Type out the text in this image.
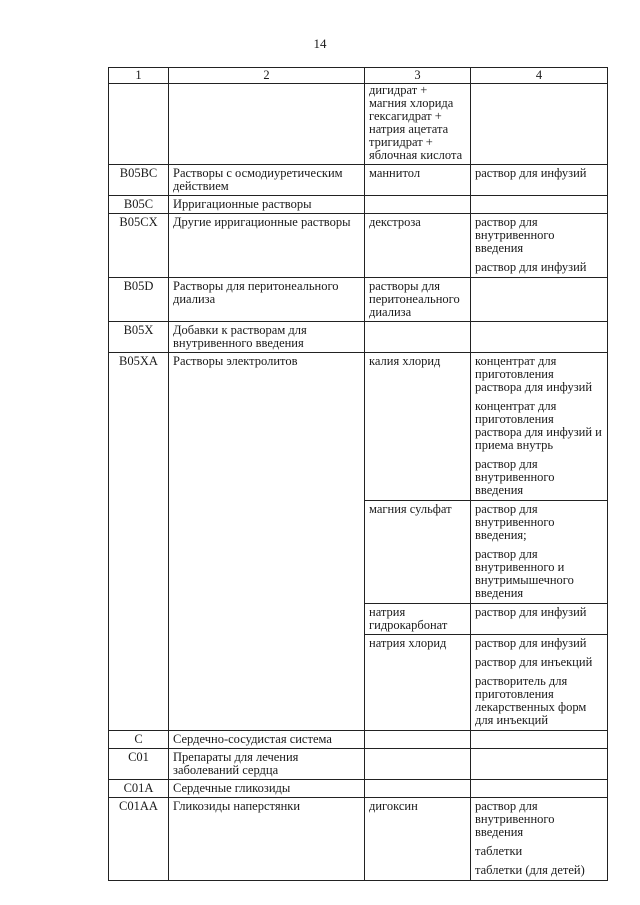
14
1	2	3	4
		дигидрат + магния хлорида гексагидрат + натрия ацетата тригидрат + яблочная кислота	
B05BC	Растворы с осмодиуретическим действием	маннитол	раствор для инфузий

B05C	Ирригационные растворы		
B05CX	Другие ирригационные растворы	декстроза	раствор для внутривенного введения
раствор для инфузий

B05D	Растворы для перитонеального диализа	растворы для перитонеального диализа	
B05X	Добавки к растворам для внутривенного введения		
B05XA	Растворы электролитов	калия хлорид	концентрат для приготовления раствора для инфузий
концентрат для приготовления раствора для инфузий и приема внутрь
раствор для внутривенного введения

		магния сульфат	раствор для внутривенного введения;
раствор для внутривенного и внутримышечного введения

		натрия гидрокарбонат	раствор для инфузий

		натрия хлорид	раствор для инфузий
раствор для инъекций
растворитель для приготовления лекарственных форм для инъекций

C	Сердечно-сосудистая система		
C01	Препараты для лечения заболеваний сердца		
C01A	Сердечные гликозиды		
C01AA	Гликозиды наперстянки	дигоксин	раствор для внутривенного введения
таблетки
таблетки (для детей)
